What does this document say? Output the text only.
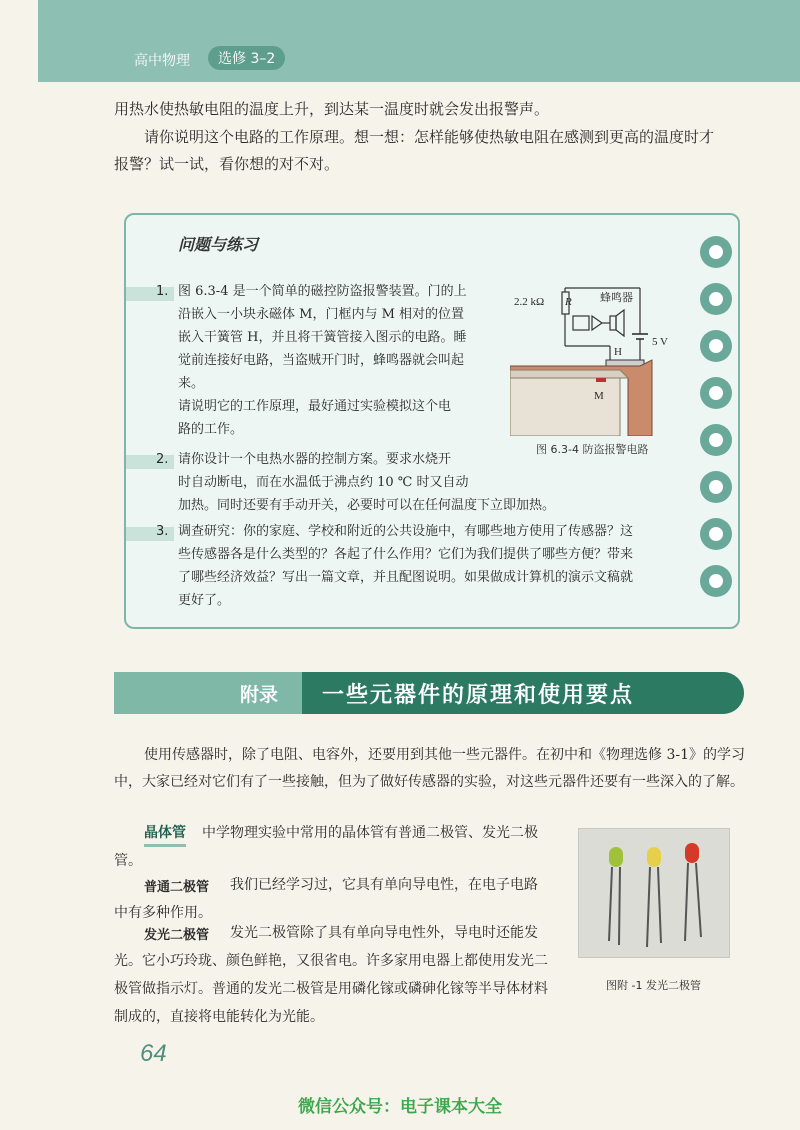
高中物理	选修 3–2

用热水使热敏电阻的温度上升，到达某一温度时就会发出报警声。

请你说明这个电路的工作原理。想一想：怎样能够使热敏电阻在感测到更高的温度时才

报警？试一试，看你想的对不对。

问题与练习
1. 图 6.3-4 是一个简单的磁控防盗报警装置。门的上
沿嵌入一小块永磁体 M，门框内与 M 相对的位置
嵌入干簧管 H，并且将干簧管接入图示的电路。睡
觉前连接好电路，当盗贼开门时，蜂鸣器就会叫起
来。
请说明它的工作原理，最好通过实验模拟这个电
路的工作。
2.2 kΩ R	蜂鸣器
5 V
H
M
图 6.3-4 防盗报警电路
2. 请你设计一个电热水器的控制方案。要求水烧开
时自动断电，而在水温低于沸点约 10 ℃ 时又自动
加热。同时还要有手动开关，必要时可以在任何温度下立即加热。
3. 调查研究：你的家庭、学校和附近的公共设施中，有哪些地方使用了传感器？这
些传感器各是什么类型的？各起了什么作用？它们为我们提供了哪些方便？带来
了哪些经济效益？写出一篇文章，并且配图说明。如果做成计算机的演示文稿就
更好了。
附录 一些元器件的原理和使用要点

使用传感器时，除了电阻、电容外，还要用到其他一些元器件。在初中和《物理选修 3-1》的学习

中，大家已经对它们有了一些接触，但为了做好传感器的实验，对这些元器件还要有一些深入的了解。

晶体管 中学物理实验中常用的晶体管有普通二极管、发光二极

管。

普通二极管 我们已经学习过，它具有单向导电性，在电子电路

中有多种作用。

发光二极管 发光二极管除了具有单向导电性外，导电时还能发

光。它小巧玲珑、颜色鲜艳，又很省电。许多家用电器上都使用发光二

极管做指示灯。普通的发光二极管是用磷化镓或磷砷化镓等半导体材料

制成的，直接将电能转化为光能。

图附 -1 发光二极管
64
微信公众号：电子课本大全
